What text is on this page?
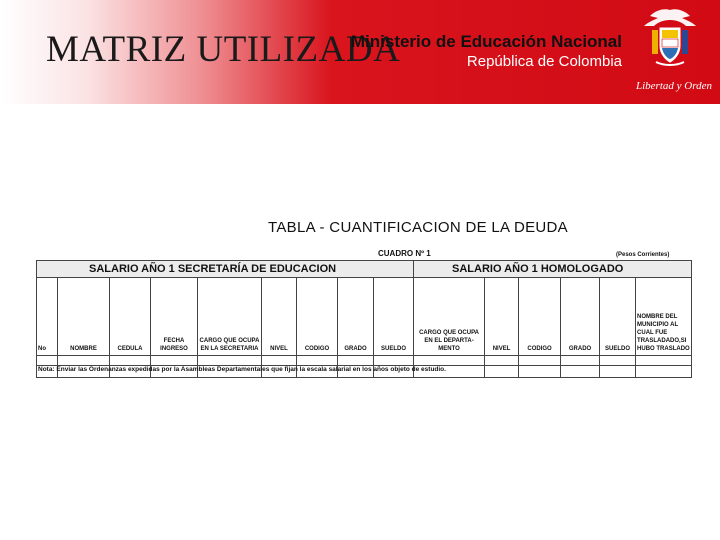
MATRIZ UTILIZADA
Ministerio de Educación Nacional
República de Colombia
Libertad y Orden
TABLA - CUANTIFICACION DE LA DEUDA
CUADRO Nº 1	(Pesos Corrientes)
SALARIO AÑO 1 SECRETARÍA DE EDUCACION									SALARIO AÑO 1 HOMOLOGADO					
No	NOMBRE	CEDULA	FECHA INGRESO	CARGO QUE OCUPA EN LA SECRETARIA	NIVEL	CODIGO	GRADO	SUELDO	CARGO QUE OCUPA EN EL DEPARTA- MENTO	NIVEL	CODIGO	GRADO	SUELDO	NOMBRE DEL MUNICIPIO AL CUAL FUE TRASLADADO,SI HUBO TRASLADO

Nota: Enviar las Ordenanzas expedidas por la Asambleas Departamentales que fijan la escala salarial en los años objeto de estudio.
